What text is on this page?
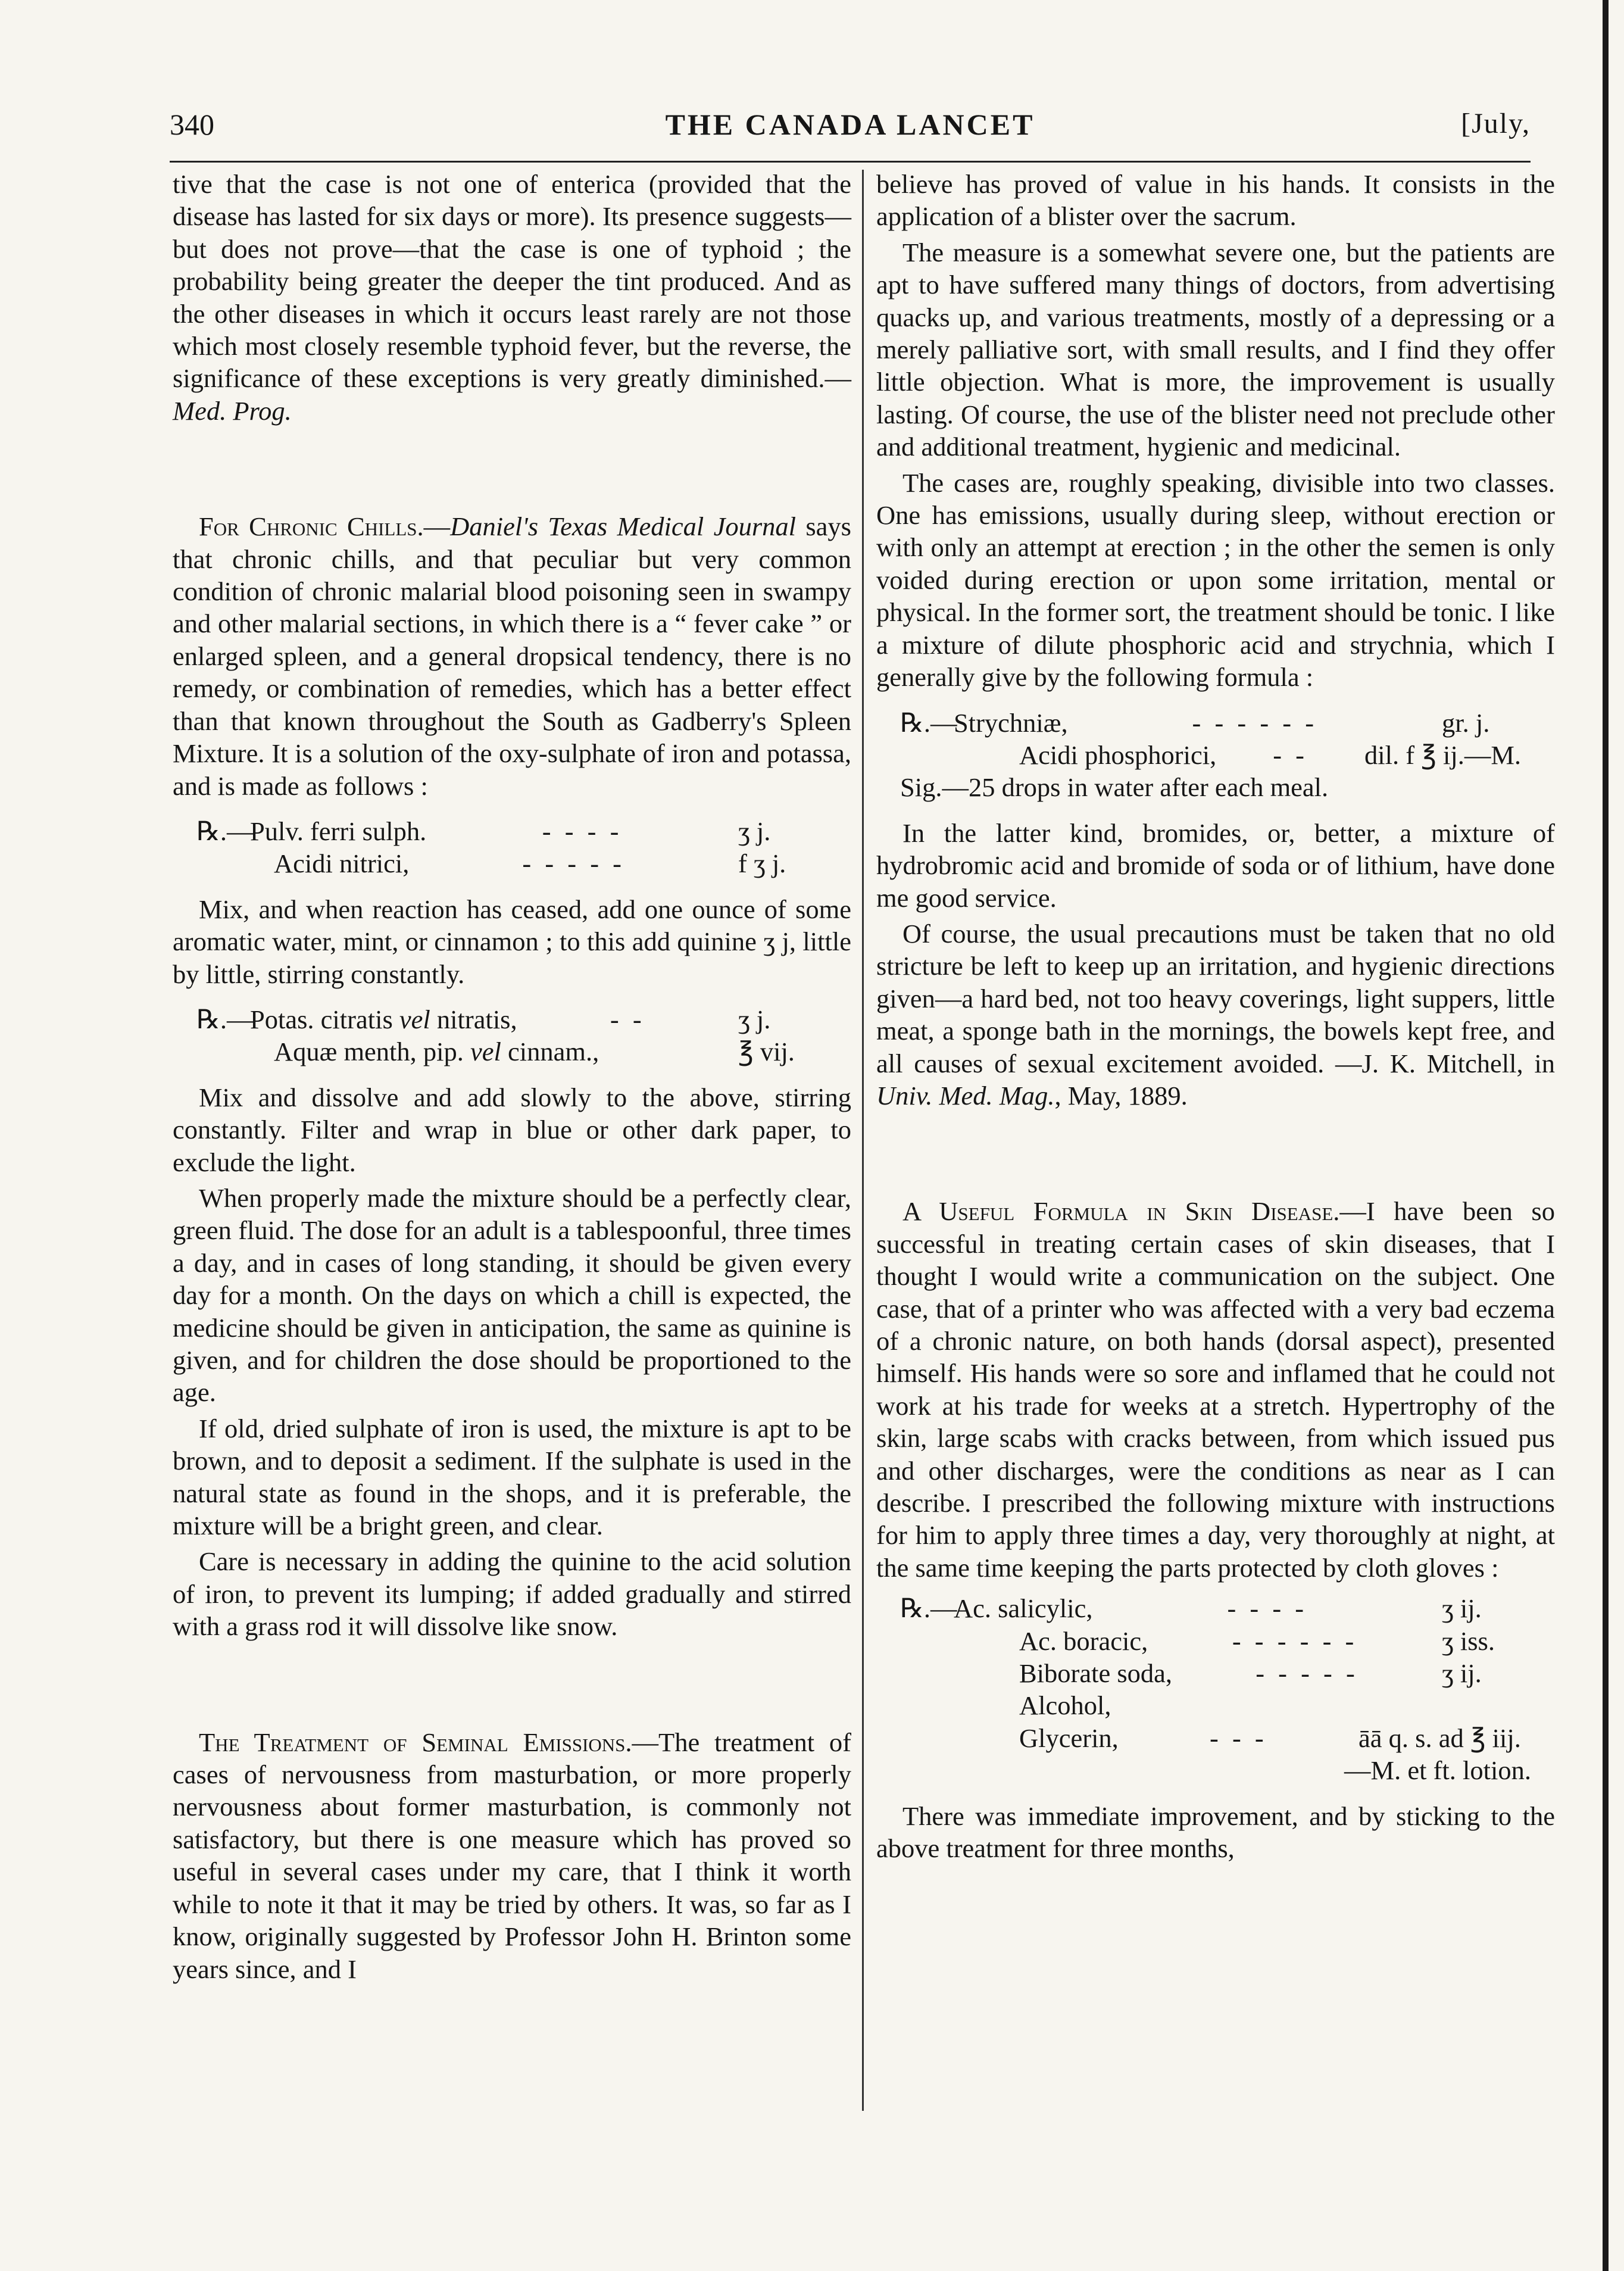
340	THE CANADA LANCET	[July,

tive that the case is not one of enterica (provided that the disease has lasted for six days or more). Its presence suggests—but does not prove—that the case is one of typhoid ; the probability being greater the deeper the tint produced. And as the other diseases in which it occurs least rarely are not those which most closely resemble typhoid fever, but the reverse, the significance of these exceptions is very greatly diminished.—Med. Prog.

For Chronic Chills.—Daniel's Texas Medical Journal says that chronic chills, and that peculiar but very common condition of chronic malarial blood poisoning seen in swampy and other malarial sections, in which there is a “ fever cake ” or enlarged spleen, and a general dropsical tendency, there is no remedy, or combination of remedies, which has a better effect than that known throughout the South as Gadberry's Spleen Mixture. It is a solution of the oxy-sulphate of iron and potassa, and is made as follows :

℞.—
Pulv. ferri sulph.	- - - -	ʒ j.
Acidi nitrici,	- - - - -	f ʒ j.

Mix, and when reaction has ceased, add one ounce of some aromatic water, mint, or cinnamon ; to this add quinine ʒ j, little by little, stirring constantly.

℞.—
Potas. citratis vel nitratis,	- -	ʒ j.
Aquæ menth, pip. vel cinnam.,	℥ vij.

Mix and dissolve and add slowly to the above, stirring constantly. Filter and wrap in blue or other dark paper, to exclude the light.

When properly made the mixture should be a perfectly clear, green fluid. The dose for an adult is a tablespoonful, three times a day, and in cases of long standing, it should be given every day for a month. On the days on which a chill is expected, the medicine should be given in anticipation, the same as quinine is given, and for children the dose should be proportioned to the age.

If old, dried sulphate of iron is used, the mixture is apt to be brown, and to deposit a sediment. If the sulphate is used in the natural state as found in the shops, and it is preferable, the mixture will be a bright green, and clear.

Care is necessary in adding the quinine to the acid solution of iron, to prevent its lumping; if added gradually and stirred with a grass rod it will dissolve like snow.

The Treatment of Seminal Emissions.—The treatment of cases of nervousness from masturbation, or more properly nervousness about former masturbation, is commonly not satisfactory, but there is one measure which has proved so useful in several cases under my care, that I think it worth while to note it that it may be tried by others. It was, so far as I know, originally suggested by Professor John H. Brinton some years since, and I

believe has proved of value in his hands. It consists in the application of a blister over the sacrum.

The measure is a somewhat severe one, but the patients are apt to have suffered many things of doctors, from advertising quacks up, and various treatments, mostly of a depressing or a merely palliative sort, with small results, and I find they offer little objection. What is more, the improvement is usually lasting. Of course, the use of the blister need not preclude other and additional treatment, hygienic and medicinal.

The cases are, roughly speaking, divisible into two classes. One has emissions, usually during sleep, without erection or with only an attempt at erection ; in the other the semen is only voided during erection or upon some irritation, mental or physical. In the former sort, the treatment should be tonic. I like a mixture of dilute phosphoric acid and strychnia, which I generally give by the following formula :

℞.—
Strychniæ,	- - - - - -	gr. j.
Acidi phosphorici,	- -	dil. f ℥ ij.—M.
Sig.—25 drops in water after each meal.

In the latter kind, bromides, or, better, a mixture of hydrobromic acid and bromide of soda or of lithium, have done me good service.

Of course, the usual precautions must be taken that no old stricture be left to keep up an irritation, and hygienic directions given—a hard bed, not too heavy coverings, light suppers, little meat, a sponge bath in the mornings, the bowels kept free, and all causes of sexual excitement avoided. —J. K. Mitchell, in Univ. Med. Mag., May, 1889.

A Useful Formula in Skin Disease.—I have been so successful in treating certain cases of skin diseases, that I thought I would write a communication on the subject. One case, that of a printer who was affected with a very bad eczema of a chronic nature, on both hands (dorsal aspect), presented himself. His hands were so sore and inflamed that he could not work at his trade for weeks at a stretch. Hypertrophy of the skin, large scabs with cracks between, from which issued pus and other discharges, were the conditions as near as I can describe. I prescribed the following mixture with instructions for him to apply three times a day, very thoroughly at night, at the same time keeping the parts protected by cloth gloves :

℞.—
Ac. salicylic,	- - - -	ʒ ij.
Ac. boracic,	- - - - - -	ʒ iss.
Biborate soda,	- - - - -	ʒ ij.
Alcohol,
Glycerin,	- - -	āā q. s. ad ℥ iij.
—M. et ft. lotion.

There was immediate improvement, and by sticking to the above treatment for three months,
